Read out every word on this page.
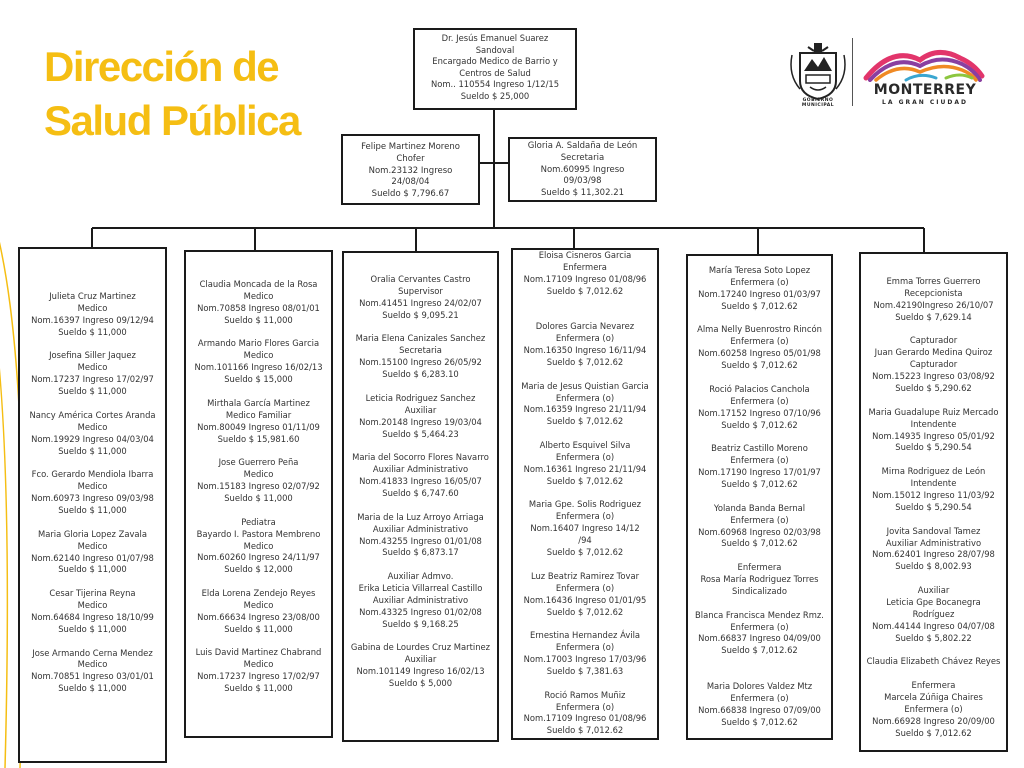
Dirección de
Salud Pública	GOBIERNO MUNICIPAL
MONTERREY
LA GRAN CIUDAD
Dr. Jesús Emanuel Suarez
Sandoval
Encargado Medico de Barrio y
Centros de Salud
Nom.. 110554 Ingreso 1/12/15
Sueldo $ 25,000
Felipe Martinez Moreno
Chofer
Nom.23132 Ingreso
24/08/04
Sueldo $ 7,796.67
Gloria A. Saldaña de León
Secretaria
Nom.60995 Ingreso
09/03/98
Sueldo $ 11,302.21
Julieta Cruz Martinez
Medico
Nom.16397 Ingreso 09/12/94
Sueldo $ 11,000
Josefina Siller Jaquez
Medico
Nom.17237 Ingreso 17/02/97
Sueldo $ 11,000
Nancy América Cortes Aranda
Medico
Nom.19929 Ingreso 04/03/04
Sueldo $ 11,000
Fco. Gerardo Mendiola Ibarra
Medico
Nom.60973 Ingreso 09/03/98
Sueldo $ 11,000
Maria Gloria Lopez Zavala
Medico
Nom.62140 Ingreso 01/07/98
Sueldo $ 11,000
Cesar Tijerina Reyna
Medico
Nom.64684 Ingreso 18/10/99
Sueldo $ 11,000
Jose Armando Cerna Mendez
Medico
Nom.70851 Ingreso 03/01/01
Sueldo $ 11,000
Claudia Moncada de la Rosa
Medico
Nom.70858 Ingreso 08/01/01
Sueldo $ 11,000
Armando Mario Flores Garcia
Medico
Nom.101166 Ingreso 16/02/13
Sueldo $ 15,000
Mirthala García Martinez
Medico Familiar
Nom.80049 Ingreso 01/11/09
Sueldo $ 15,981.60
Jose Guerrero Peña
Medico
Nom.15183 Ingreso 02/07/92
Sueldo $ 11,000
Pediatra
Bayardo I. Pastora Membreno
Medico
Nom.60260 Ingreso 24/11/97
Sueldo $ 12,000
Elda Lorena Zendejo Reyes
Medico
Nom.66634 Ingreso 23/08/00
Sueldo $ 11,000
Luis David Martinez Chabrand
Medico
Nom.17237 Ingreso 17/02/97
Sueldo $ 11,000
Oralia Cervantes Castro
Supervisor
Nom.41451 Ingreso 24/02/07
Sueldo $ 9,095.21
Maria Elena Canizales Sanchez
Secretaria
Nom.15100 Ingreso 26/05/92
Sueldo $ 6,283.10
Leticia Rodriguez Sanchez
Auxiliar
Nom.20148 Ingreso 19/03/04
Sueldo $ 5,464.23
Maria del Socorro Flores Navarro
Auxiliar Administrativo
Nom.41833 Ingreso 16/05/07
Sueldo $ 6,747.60
Maria de la Luz Arroyo Arriaga
Auxiliar Administrativo
Nom.43255 Ingreso 01/01/08
Sueldo $ 6,873.17
Auxiliar Admvo.
Erika Leticia Villarreal Castillo
Auxiliar Administrativo
Nom.43325 Ingreso 01/02/08
Sueldo $ 9,168.25
Gabina de Lourdes Cruz Martinez
Auxiliar
Nom.101149 Ingreso 16/02/13
Sueldo $ 5,000
Eloisa Cisneros Garcia
Enfermera
Nom.17109 Ingreso 01/08/96
Sueldo $ 7,012.62
Dolores Garcia Nevarez
Enfermera (o)
Nom.16350 Ingreso 16/11/94
Sueldo $ 7,012.62
Maria de Jesus Quistian Garcia
Enfermera (o)
Nom.16359 Ingreso 21/11/94
Sueldo $ 7,012.62
Alberto Esquivel Silva
Enfermera (o)
Nom.16361 Ingreso 21/11/94
Sueldo $ 7,012.62
Maria Gpe. Solis Rodriguez
Enfermera (o)
Nom.16407 Ingreso 14/12
/94
Sueldo $ 7,012.62
Luz Beatriz Ramirez Tovar
Enfermera (o)
Nom.16436 Ingreso 01/01/95
Sueldo $ 7,012.62
Ernestina Hernandez Ávila
Enfermera (o)
Nom.17003 Ingreso 17/03/96
Sueldo $ 7,381.63
Roció Ramos Muñiz
Enfermera (o)
Nom.17109 Ingreso 01/08/96
Sueldo $ 7,012.62
María Teresa Soto Lopez
Enfermera (o)
Nom.17240 Ingreso 01/03/97
Sueldo $ 7,012.62
Alma Nelly Buenrostro Rincón
Enfermera (o)
Nom.60258 Ingreso 05/01/98
Sueldo $ 7,012.62
Roció Palacios Canchola
Enfermera (o)
Nom.17152 Ingreso 07/10/96
Sueldo $ 7,012.62
Beatriz Castillo Moreno
Enfermera (o)
Nom.17190 Ingreso 17/01/97
Sueldo $ 7,012.62
Yolanda Banda Bernal
Enfermera (o)
Nom.60968 Ingreso 02/03/98
Sueldo $ 7,012.62
Enfermera
Rosa María Rodriguez Torres
Sindicalizado
Blanca Francisca Mendez Rmz.
Enfermera (o)
Nom.66837 Ingreso 04/09/00
Sueldo $ 7,012.62
Maria Dolores Valdez Mtz
Enfermera (o)
Nom.66838 Ingreso 07/09/00
Sueldo $ 7,012.62
Emma Torres Guerrero
Recepcionista
Nom.42190Ingreso 26/10/07
Sueldo $ 7,629.14
Capturador
Juan Gerardo Medina Quiroz
Capturador
Nom.15223 Ingreso 03/08/92
Sueldo $ 5,290.62
Maria Guadalupe Ruiz Mercado
Intendente
Nom.14935 Ingreso 05/01/92
Sueldo $ 5,290.54
Mirna Rodriguez de León
Intendente
Nom.15012 Ingreso 11/03/92
Sueldo $ 5,290.54
Jovita Sandoval Tamez
Auxiliar Administrativo
Nom.62401 Ingreso 28/07/98
Sueldo $ 8,002.93
Auxiliar
Leticia Gpe Bocanegra
Rodríguez
Nom.44144 Ingreso 04/07/08
Sueldo $ 5,802.22
Claudia Elizabeth Chávez Reyes
Enfermera
Marcela Zúñiga Chaires
Enfermera (o)
Nom.66928 Ingreso 20/09/00
Sueldo $ 7,012.62
